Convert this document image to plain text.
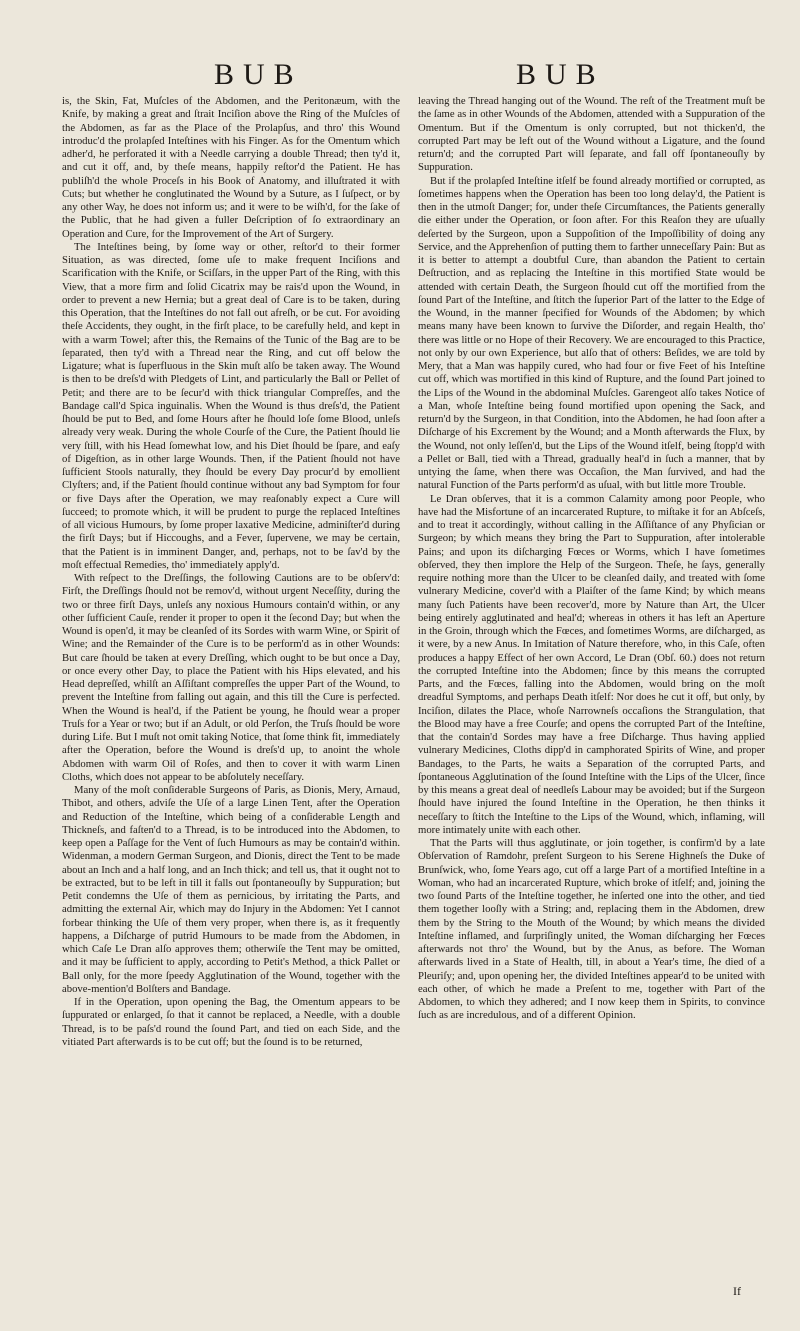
BUB	BUB

is, the Skin, Fat, Muſcles of the Abdomen, and the Peritonæum, with the Knife, by making a great and ſtrait Inciſion above the Ring of the Muſcles of the Abdomen, as far as the Place of the Prolapſus, and thro' this Wound introduc'd the prolapſed Inteſtines with his Finger. As for the Omentum which adher'd, he perforated it with a Needle carrying a double Thread; then ty'd it, and cut it off, and, by theſe means, happily reſtor'd the Patient. He has publiſh'd the whole Proceſs in his Book of Anatomy, and illuſtrated it with Cuts; but whether he conglutinated the Wound by a Suture, as I ſuſpect, or by any other Way, he does not inform us; and it were to be wiſh'd, for the ſake of the Public, that he had given a fuller Deſcription of ſo extraordinary an Operation and Cure, for the Improvement of the Art of Surgery.

The Inteſtines being, by ſome way or other, reſtor'd to their former Situation, as was directed, ſome uſe to make frequent Inciſions and Scarification with the Knife, or Sciſſars, in the upper Part of the Ring, with this View, that a more firm and ſolid Cicatrix may be rais'd upon the Wound, in order to prevent a new Hernia; but a great deal of Care is to be taken, during this Operation, that the Inteſtines do not fall out afreſh, or be cut. For avoiding theſe Accidents, they ought, in the firſt place, to be carefully held, and kept in with a warm Towel; after this, the Remains of the Tunic of the Bag are to be ſeparated, then ty'd with a Thread near the Ring, and cut off below the Ligature; what is ſuperfluous in the Skin muſt alſo be taken away. The Wound is then to be dreſs'd with Pledgets of Lint, and particularly the Ball or Pellet of Petit; and there are to be ſecur'd with thick triangular Compreſſes, and the Bandage call'd Spica inguinalis. When the Wound is thus dreſs'd, the Patient ſhould be put to Bed, and ſome Hours after he ſhould loſe ſome Blood, unleſs already very weak. During the whole Courſe of the Cure, the Patient ſhould lie very ſtill, with his Head ſomewhat low, and his Diet ſhould be ſpare, and eaſy of Digeſtion, as in other large Wounds. Then, if the Patient ſhould not have ſufficient Stools naturally, they ſhould be every Day procur'd by emollient Clyſters; and, if the Patient ſhould continue without any bad Symptom for four or five Days after the Operation, we may reaſonably expect a Cure will ſucceed; to promote which, it will be prudent to purge the replaced Inteſtines of all vicious Humours, by ſome proper laxative Medicine, adminiſter'd during the firſt Days; but if Hiccoughs, and a Fever, ſupervene, we may be certain, that the Patient is in imminent Danger, and, perhaps, not to be ſav'd by the moſt effectual Remedies, tho' immediately apply'd.

With reſpect to the Dreſſings, the following Cautions are to be obſerv'd: Firſt, the Dreſſings ſhould not be remov'd, without urgent Neceſſity, during the two or three firſt Days, unleſs any noxious Humours contain'd within, or any other ſufficient Cauſe, render it proper to open it the ſecond Day; but when the Wound is open'd, it may be cleanſed of its Sordes with warm Wine, or Spirit of Wine; and the Remainder of the Cure is to be perform'd as in other Wounds: But care ſhould be taken at every Dreſſing, which ought to be but once a Day, or once every other Day, to place the Patient with his Hips elevated, and his Head depreſſed, whilſt an Aſſiſtant compreſſes the upper Part of the Wound, to prevent the Inteſtine from falling out again, and this till the Cure is perfected. When the Wound is heal'd, if the Patient be young, he ſhould wear a proper Truſs for a Year or two; but if an Adult, or old Perſon, the Truſs ſhould be wore during Life. But I muſt not omit taking Notice, that ſome think fit, immediately after the Operation, before the Wound is dreſs'd up, to anoint the whole Abdomen with warm Oil of Roſes, and then to cover it with warm Linen Cloths, which does not appear to be abſolutely neceſſary.

Many of the moſt conſiderable Surgeons of Paris, as Dionis, Mery, Arnaud, Thibot, and others, adviſe the Uſe of a large Linen Tent, after the Operation and Reduction of the Inteſtine, which being of a conſiderable Length and Thickneſs, and faſten'd to a Thread, is to be introduced into the Abdomen, to keep open a Paſſage for the Vent of ſuch Humours as may be contain'd within. Widenman, a modern German Surgeon, and Dionis, direct the Tent to be made about an Inch and a half long, and an Inch thick; and tell us, that it ought not to be extracted, but to be left in till it falls out ſpontaneouſly by Suppuration; but Petit condemns the Uſe of them as pernicious, by irritating the Parts, and admitting the external Air, which may do Injury in the Abdomen: Yet I cannot forbear thinking the Uſe of them very proper, when there is, as it frequently happens, a Diſcharge of putrid Humours to be made from the Abdomen, in which Caſe Le Dran alſo approves them; otherwiſe the Tent may be omitted, and it may be ſufficient to apply, according to Petit's Method, a thick Pallet or Ball only, for the more ſpeedy Agglutination of the Wound, together with the above-mention'd Bolſters and Bandage.

If in the Operation, upon opening the Bag, the Omentum appears to be ſuppurated or enlarged, ſo that it cannot be replaced, a Needle, with a double Thread, is to be paſs'd round the ſound Part, and tied on each Side, and the vitiated Part afterwards is to be cut off; but the ſound is to be returned,

leaving the Thread hanging out of the Wound. The reſt of the Treatment muſt be the ſame as in other Wounds of the Abdomen, attended with a Suppuration of the Omentum. But if the Omentum is only corrupted, but not thicken'd, the corrupted Part may be left out of the Wound without a Ligature, and the ſound return'd; and the corrupted Part will ſeparate, and fall off ſpontaneouſly by Suppuration.

But if the prolapſed Inteſtine itſelf be found already mortified or corrupted, as ſometimes happens when the Operation has been too long delay'd, the Patient is then in the utmoſt Danger; for, under theſe Circumſtances, the Patients generally die either under the Operation, or ſoon after. For this Reaſon they are uſually deſerted by the Surgeon, upon a Suppoſition of the Impoſſibility of doing any Service, and the Apprehenſion of putting them to farther unneceſſary Pain: But as it is better to attempt a doubtful Cure, than abandon the Patient to certain Deſtruction, and as replacing the Inteſtine in this mortified State would be attended with certain Death, the Surgeon ſhould cut off the mortified from the ſound Part of the Inteſtine, and ſtitch the ſuperior Part of the latter to the Edge of the Wound, in the manner ſpecified for Wounds of the Abdomen; by which means many have been known to ſurvive the Diſorder, and regain Health, tho' there was little or no Hope of their Recovery. We are encouraged to this Practice, not only by our own Experience, but alſo that of others: Beſides, we are told by Mery, that a Man was happily cured, who had four or five Feet of his Inteſtine cut off, which was mortified in this kind of Rupture, and the ſound Part joined to the Lips of the Wound in the abdominal Muſcles. Garengeot alſo takes Notice of a Man, whoſe Inteſtine being found mortified upon opening the Sack, and return'd by the Surgeon, in that Condition, into the Abdomen, he had ſoon after a Diſcharge of his Excrement by the Wound; and a Month afterwards the Flux, by the Wound, not only leſſen'd, but the Lips of the Wound itſelf, being ſtopp'd with a Pellet or Ball, tied with a Thread, gradually heal'd in ſuch a manner, that by untying the ſame, when there was Occaſion, the Man ſurvived, and had the natural Function of the Parts perform'd as uſual, with but little more Trouble.

Le Dran obſerves, that it is a common Calamity among poor People, who have had the Misfortune of an incarcerated Rupture, to miſtake it for an Abſceſs, and to treat it accordingly, without calling in the Aſſiſtance of any Phyſician or Surgeon; by which means they bring the Part to Suppuration, after intolerable Pains; and upon its diſcharging Fœces or Worms, which I have ſometimes obſerved, they then implore the Help of the Surgeon. Theſe, he ſays, generally require nothing more than the Ulcer to be cleanſed daily, and treated with ſome vulnerary Medicine, cover'd with a Plaiſter of the ſame Kind; by which means many ſuch Patients have been recover'd, more by Nature than Art, the Ulcer being entirely agglutinated and heal'd; whereas in others it has left an Aperture in the Groin, through which the Fœces, and ſometimes Worms, are diſcharged, as it were, by a new Anus. In Imitation of Nature therefore, who, in this Caſe, often produces a happy Effect of her own Accord, Le Dran (Obſ. 60.) does not return the corrupted Inteſtine into the Abdomen; ſince by this means the corrupted Parts, and the Fœces, falling into the Abdomen, would bring on the moſt dreadful Symptoms, and perhaps Death itſelf: Nor does he cut it off, but only, by Inciſion, dilates the Place, whoſe Narrowneſs occaſions the Strangulation, that the Blood may have a free Courſe; and opens the corrupted Part of the Inteſtine, that the contain'd Sordes may have a free Diſcharge. Thus having applied vulnerary Medicines, Cloths dipp'd in camphorated Spirits of Wine, and proper Bandages, to the Parts, he waits a Separation of the corrupted Parts, and ſpontaneous Agglutination of the ſound Inteſtine with the Lips of the Ulcer, ſince by this means a great deal of needleſs Labour may be avoided; but if the Surgeon ſhould have injured the ſound Inteſtine in the Operation, he then thinks it neceſſary to ſtitch the Inteſtine to the Lips of the Wound, which, inflaming, will more intimately unite with each other.

That the Parts will thus agglutinate, or join together, is confirm'd by a late Obſervation of Ramdohr, preſent Surgeon to his Serene Highneſs the Duke of Brunſwick, who, ſome Years ago, cut off a large Part of a mortified Inteſtine in a Woman, who had an incarcerated Rupture, which broke of itſelf; and, joining the two ſound Parts of the Inteſtine together, he inſerted one into the other, and tied them together looſly with a String; and, replacing them in the Abdomen, drew them by the String to the Mouth of the Wound; by which means the divided Inteſtine inflamed, and ſurpriſingly united, the Woman diſcharging her Fœces afterwards not thro' the Wound, but by the Anus, as before. The Woman afterwards lived in a State of Health, till, in about a Year's time, ſhe died of a Pleuriſy; and, upon opening her, the divided Inteſtines appear'd to be united with each other, of which he made a Preſent to me, together with Part of the Abdomen, to which they adhered; and I now keep them in Spirits, to convince ſuch as are incredulous, and of a different Opinion.

If
